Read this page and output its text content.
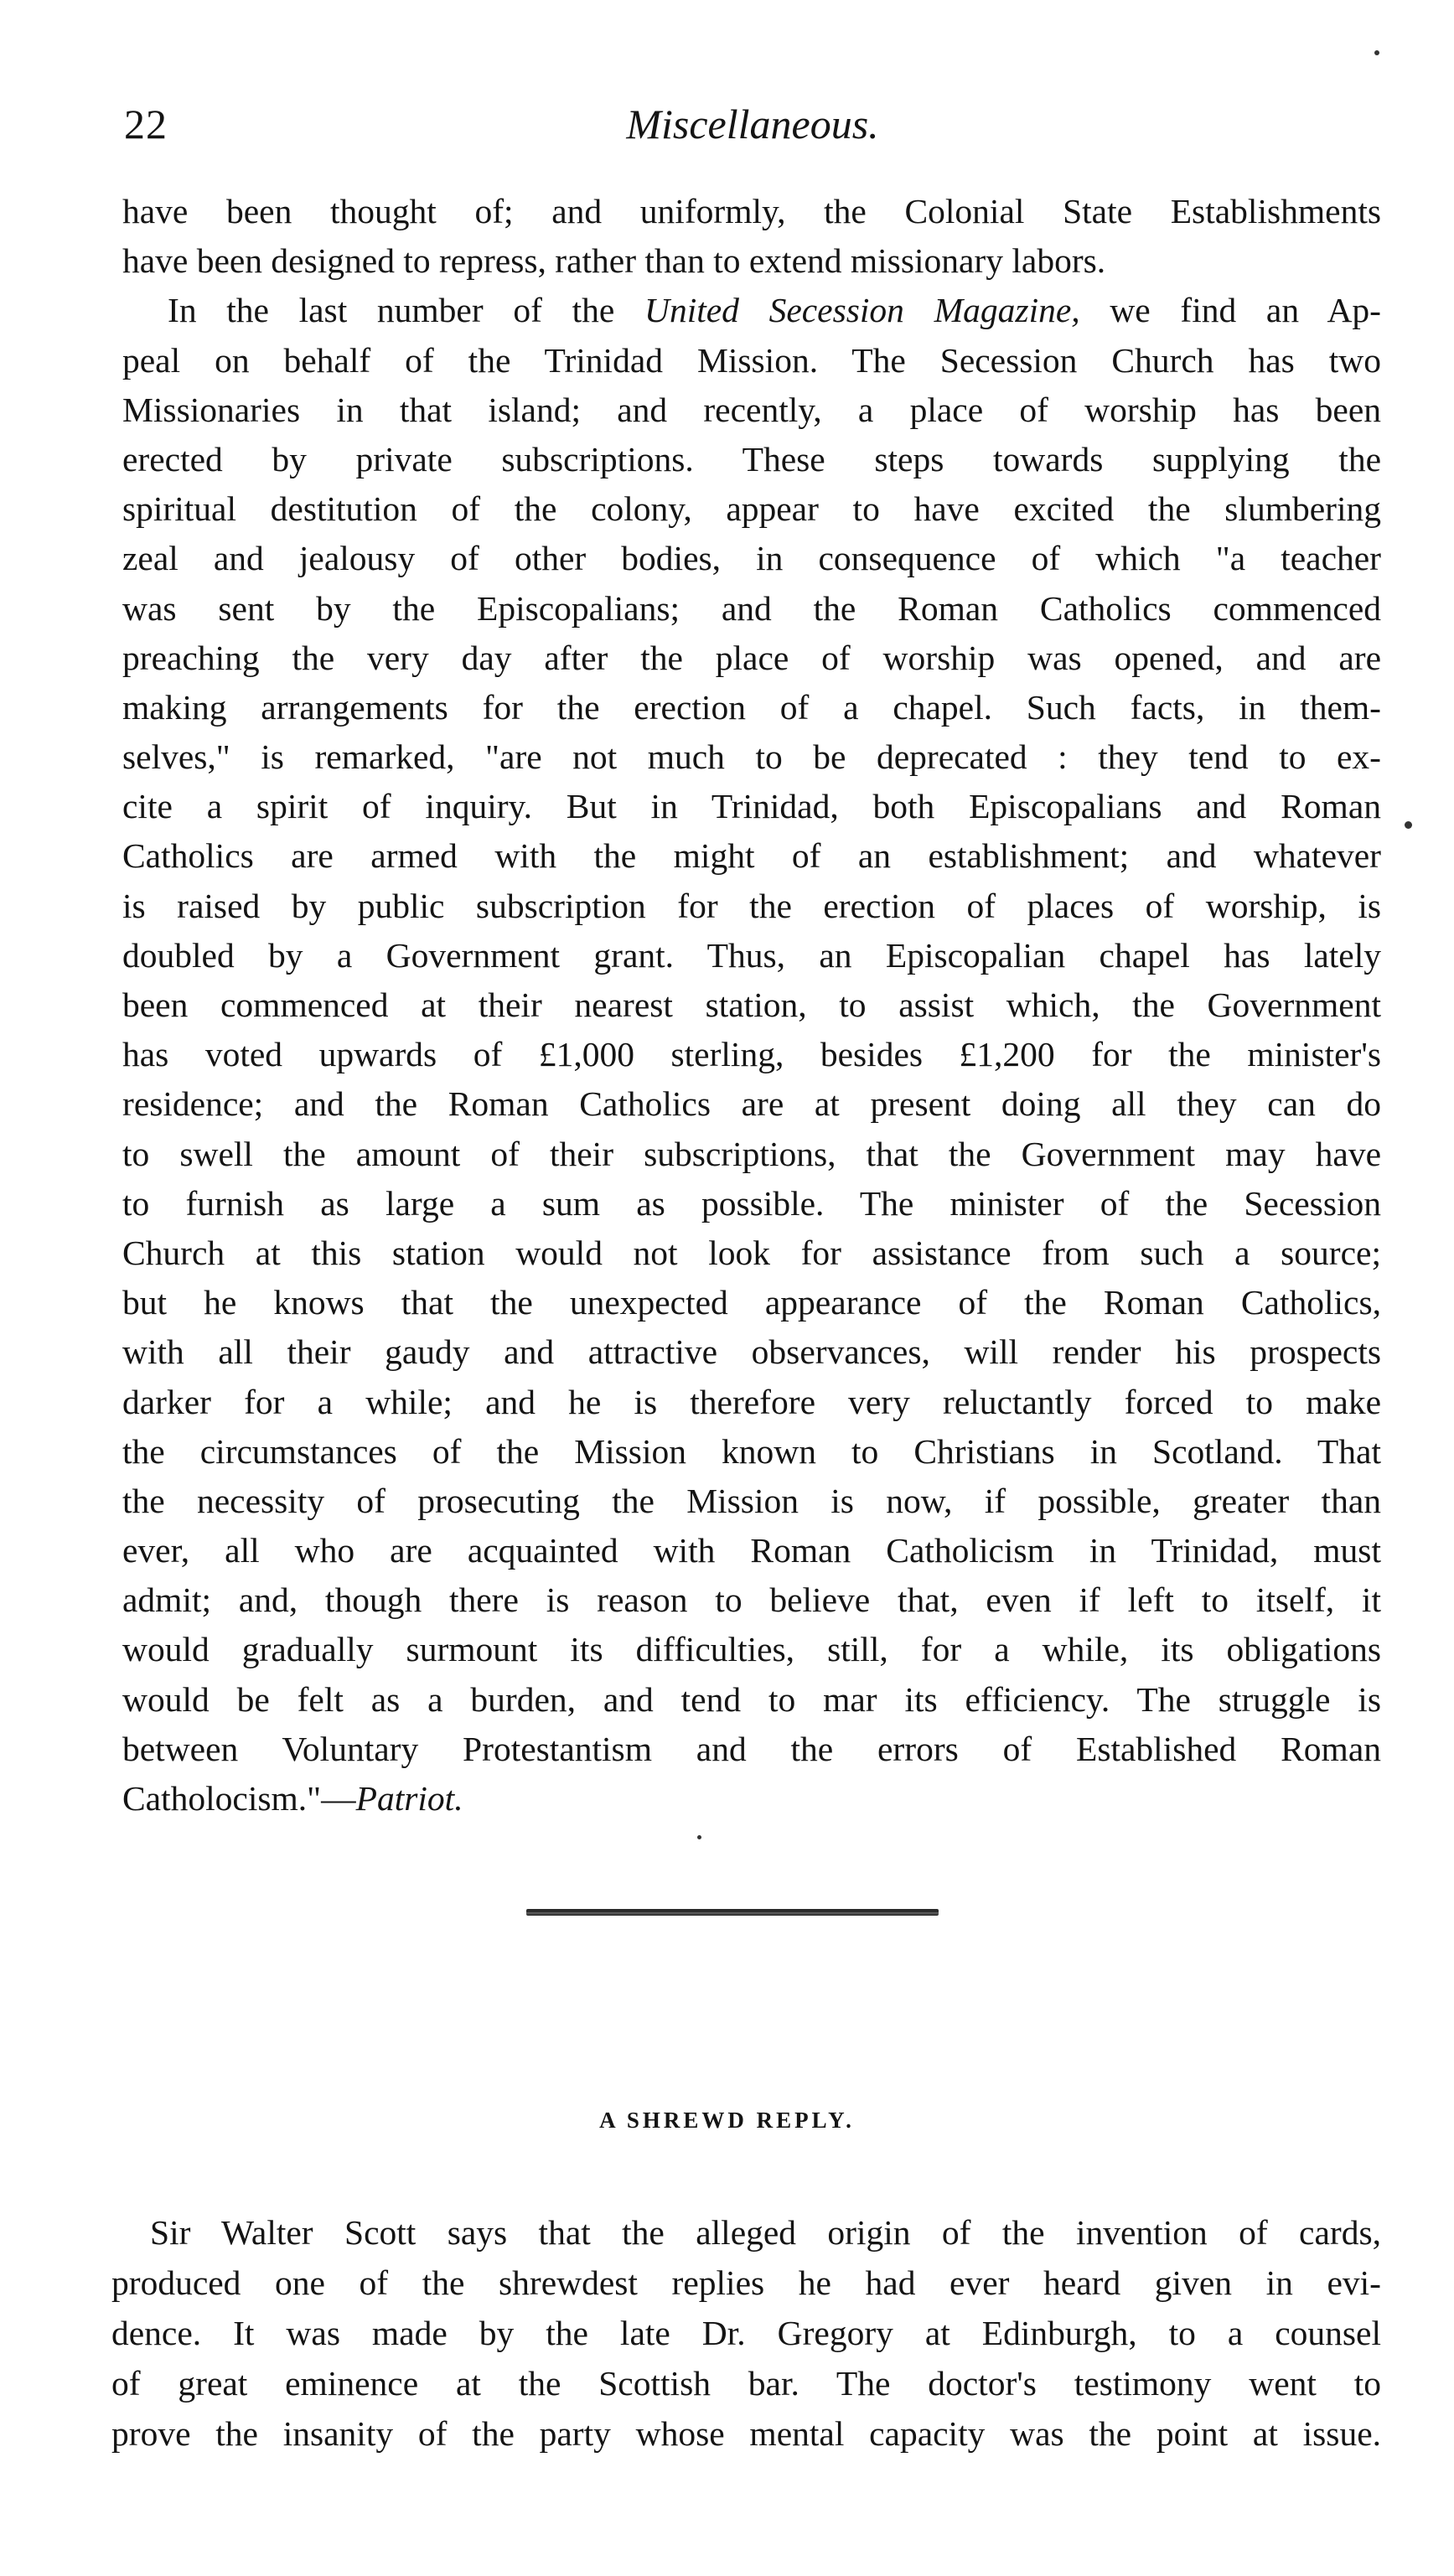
22	Miscellaneous.
have been thought of; and uniformly, the Colonial State Establishments
have been designed to repress, rather than to extend missionary labors.
In the last number of the United Secession Magazine, we find an Ap-
peal on behalf of the Trinidad Mission. The Secession Church has two
Missionaries in that island; and recently, a place of worship has been
erected by private subscriptions. These steps towards supplying the
spiritual destitution of the colony, appear to have excited the slumbering
zeal and jealousy of other bodies, in consequence of which "a teacher
was sent by the Episcopalians; and the Roman Catholics commenced
preaching the very day after the place of worship was opened, and are
making arrangements for the erection of a chapel. Such facts, in them-
selves," is remarked, "are not much to be deprecated : they tend to ex-
cite a spirit of inquiry. But in Trinidad, both Episcopalians and Roman
Catholics are armed with the might of an establishment; and whatever
is raised by public subscription for the erection of places of worship, is
doubled by a Government grant. Thus, an Episcopalian chapel has lately
been commenced at their nearest station, to assist which, the Government
has voted upwards of £1,000 sterling, besides £1,200 for the minister's
residence; and the Roman Catholics are at present doing all they can do
to swell the amount of their subscriptions, that the Government may have
to furnish as large a sum as possible. The minister of the Secession
Church at this station would not look for assistance from such a source;
but he knows that the unexpected appearance of the Roman Catholics,
with all their gaudy and attractive observances, will render his prospects
darker for a while; and he is therefore very reluctantly forced to make
the circumstances of the Mission known to Christians in Scotland. That
the necessity of prosecuting the Mission is now, if possible, greater than
ever, all who are acquainted with Roman Catholicism in Trinidad, must
admit; and, though there is reason to believe that, even if left to itself, it
would gradually surmount its difficulties, still, for a while, its obligations
would be felt as a burden, and tend to mar its efficiency. The struggle is
between Voluntary Protestantism and the errors of Established Roman
Catholocism."—Patriot.
A SHREWD REPLY.
Sir Walter Scott says that the alleged origin of the invention of cards,
produced one of the shrewdest replies he had ever heard given in evi-
dence. It was made by the late Dr. Gregory at Edinburgh, to a counsel
of great eminence at the Scottish bar. The doctor's testimony went to
prove the insanity of the party whose mental capacity was the point at issue.
